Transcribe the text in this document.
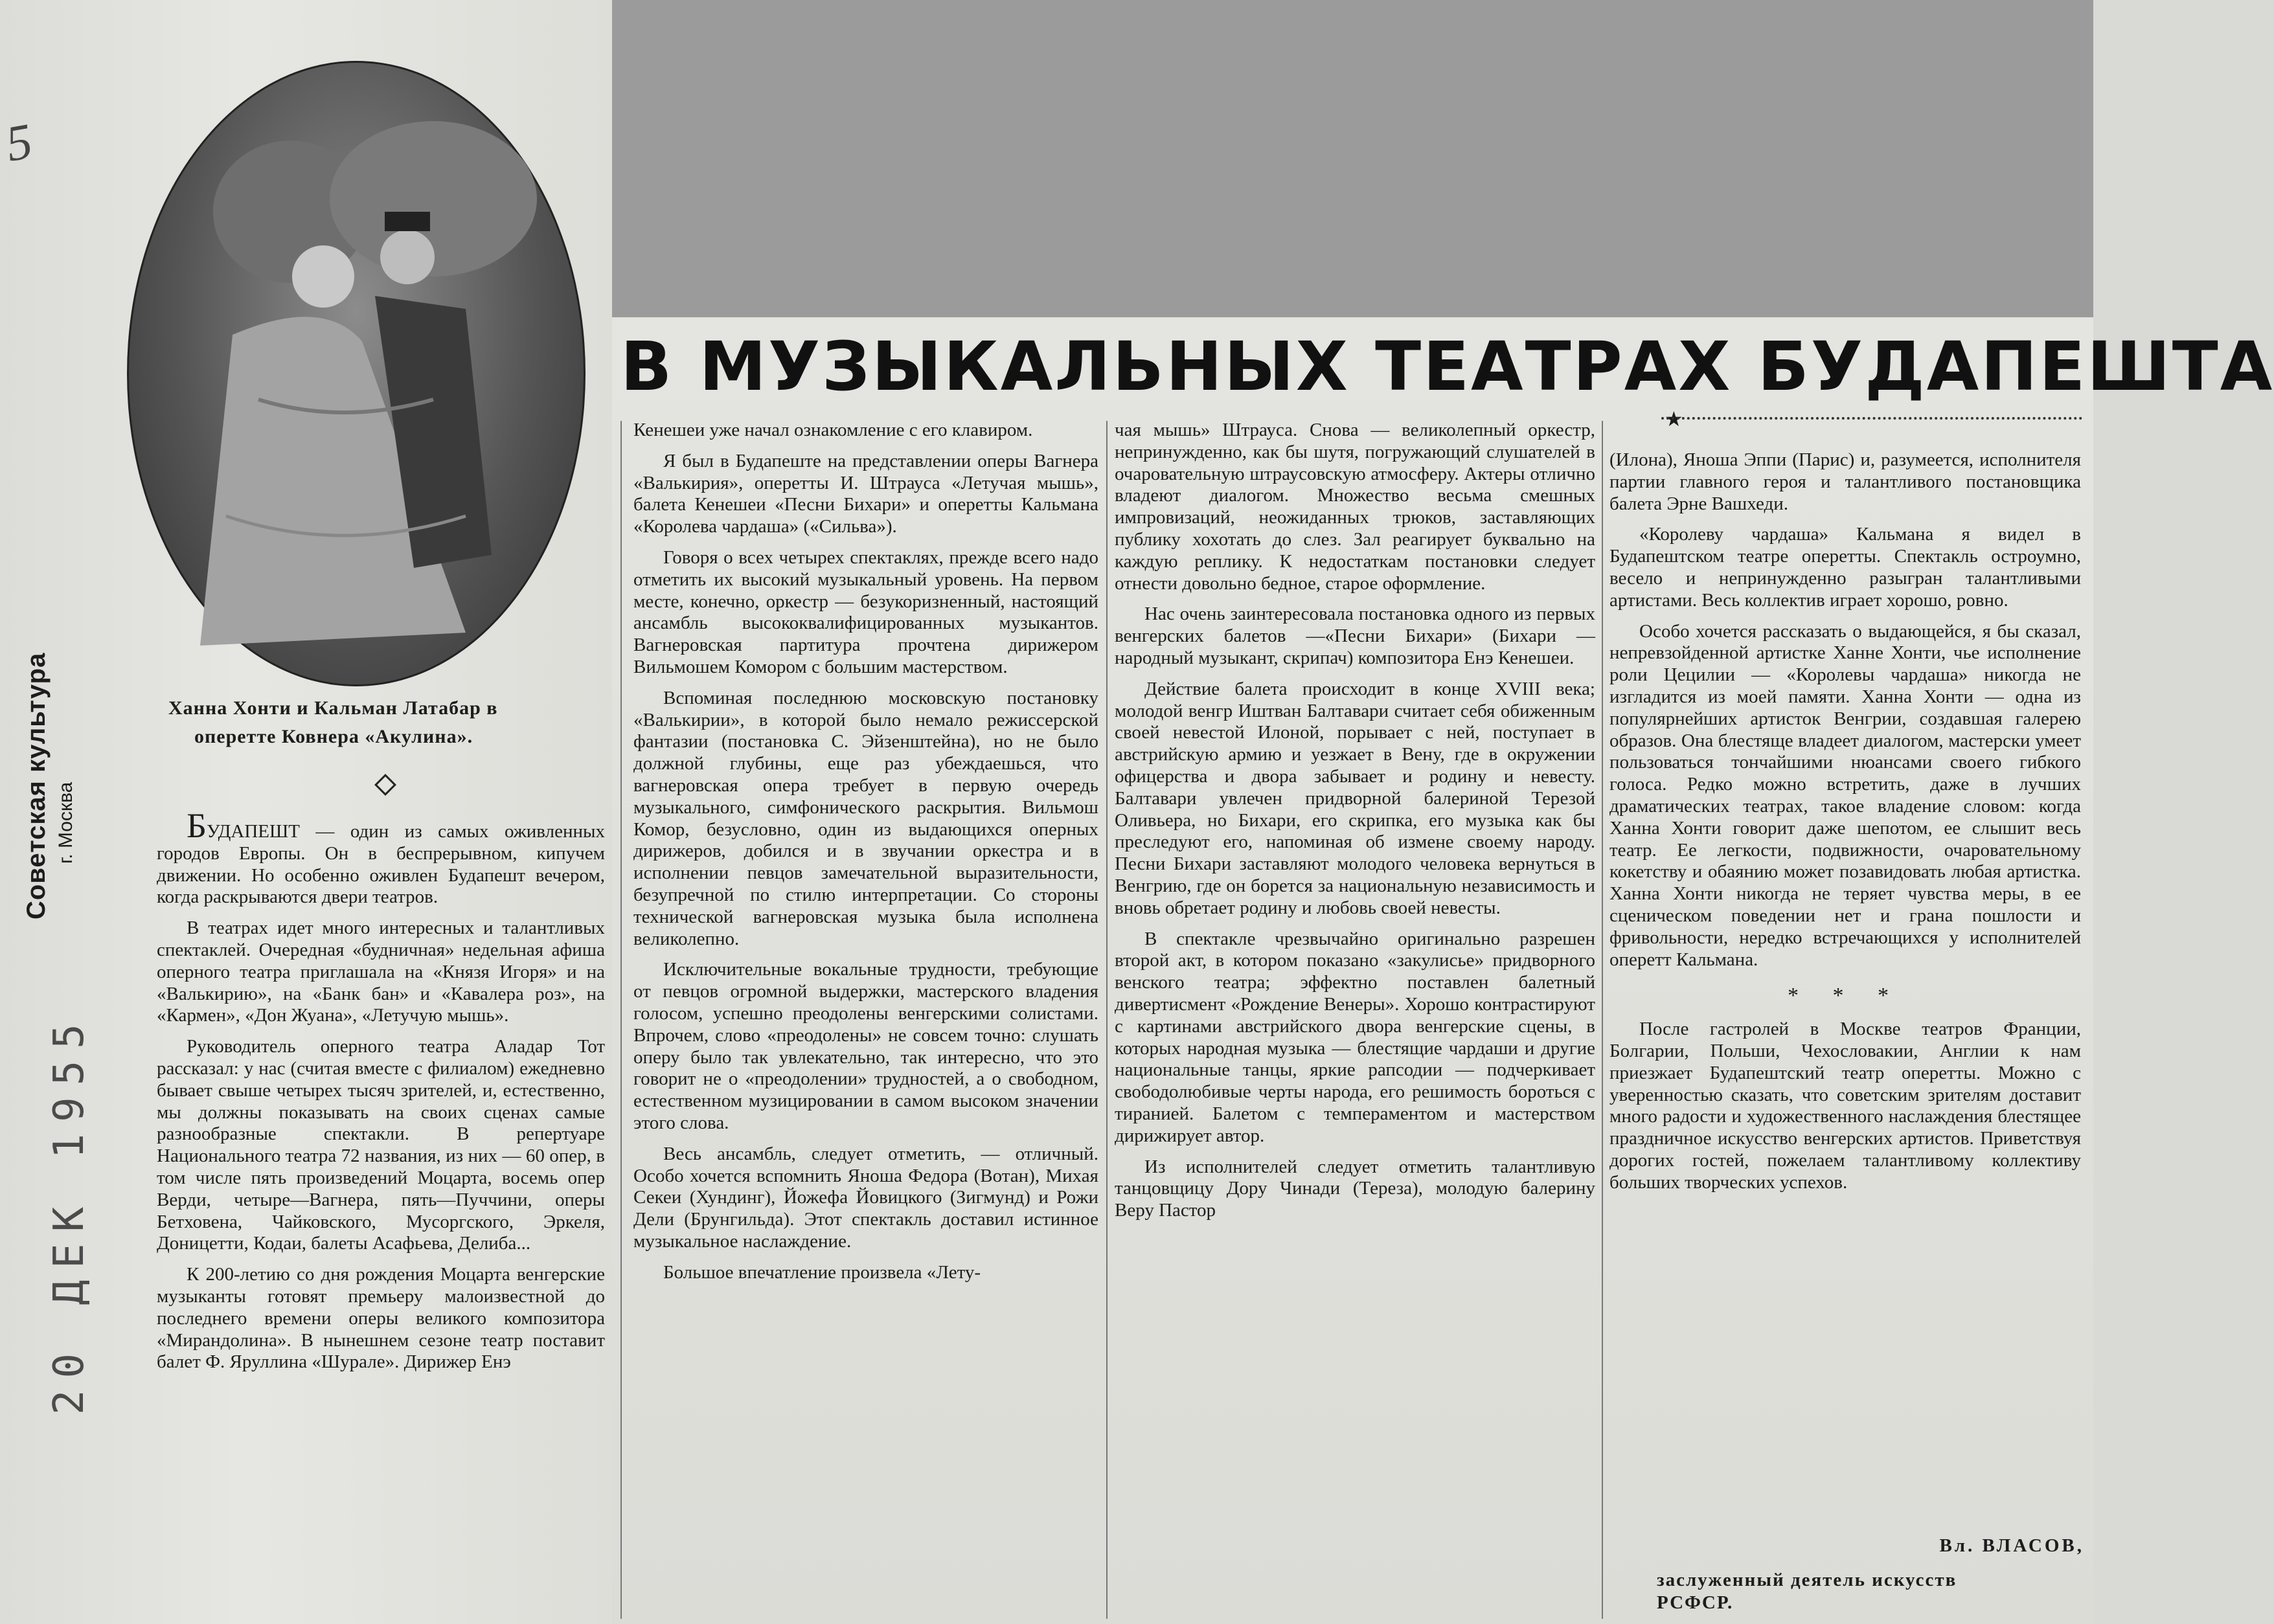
5
Ханна Хонти и Кальман Латабар в
оперетте Ковнера «Акулина».
Советская культура г. Москва
20 ДЕК 1955
В МУЗЫКАЛЬНЫХ ТЕАТРАХ БУДАПЕШТА
★

БУДАПЕШТ — один из самых оживленных городов Европы. Он в беспрерывном, кипучем движении. Но особенно оживлен Будапешт вечером, когда раскрываются двери театров.

В театрах идет много интересных и талантливых спектаклей. Очередная «будничная» недельная афиша оперного театра приглашала на «Князя Игоря» и на «Валькирию», на «Банк бан» и «Кавалера роз», на «Кармен», «Дон Жуана», «Летучую мышь».

Руководитель оперного театра Аладар Тот рассказал: у нас (считая вместе с филиалом) ежедневно бывает свыше четырех тысяч зрителей, и, естественно, мы должны показывать на своих сценах самые разнообразные спектакли. В репертуаре Национального театра 72 названия, из них — 60 опер, в том числе пять произведений Моцарта, восемь опер Верди, четыре—Вагнера, пять—Пуччини, оперы Бетховена, Чайковского, Мусоргского, Эркеля, Доницетти, Кодаи, балеты Асафьева, Делиба...

К 200-летию со дня рождения Моцарта венгерские музыканты готовят премьеру малоизвестной до последнего времени оперы великого композитора «Мирандолина». В нынешнем сезоне театр поставит балет Ф. Яруллина «Шурале». Дирижер Енэ

Кенешеи уже начал ознакомление с его клавиром.

Я был в Будапеште на представлении оперы Вагнера «Валькирия», оперетты И. Штрауса «Летучая мышь», балета Кенешеи «Песни Бихари» и оперетты Кальмана «Королева чардаша» («Сильва»).

Говоря о всех четырех спектаклях, прежде всего надо отметить их высокий музыкальный уровень. На первом месте, конечно, оркестр — безукоризненный, настоящий ансамбль высококвалифицированных музыкантов. Вагнеровская партитура прочтена дирижером Вильмошем Комором с большим мастерством.

Вспоминая последнюю московскую постановку «Валькирии», в которой было немало режиссерской фантазии (постановка С. Эйзенштейна), но не было должной глубины, еще раз убеждаешься, что вагнеровская опера требует в первую очередь музыкального, симфонического раскрытия. Вильмош Комор, безусловно, один из выдающихся оперных дирижеров, добился и в звучании оркестра и в исполнении певцов замечательной выразительности, безупречной по стилю интерпретации. Со стороны технической вагнеровская музыка была исполнена великолепно.

Исключительные вокальные трудности, требующие от певцов огромной выдержки, мастерского владения голосом, успешно преодолены венгерскими солистами. Впрочем, слово «преодолены» не совсем точно: слушать оперу было так увлекательно, так интересно, что это говорит не о «преодолении» трудностей, а о свободном, естественном музицировании в самом высоком значении этого слова.

Весь ансамбль, следует отметить, — отличный. Особо хочется вспомнить Яноша Федора (Вотан), Михая Секеи (Хундинг), Йожефа Йовицкого (Зигмунд) и Рожи Дели (Брунгильда). Этот спектакль доставил истинное музыкальное наслаждение.

Большое впечатление произвела «Лету-

чая мышь» Штрауса. Снова — великолепный оркестр, непринужденно, как бы шутя, погружающий слушателей в очаровательную штраусовскую атмосферу. Актеры отлично владеют диалогом. Множество весьма смешных импровизаций, неожиданных трюков, заставляющих публику хохотать до слез. Зал реагирует буквально на каждую реплику. К недостаткам постановки следует отнести довольно бедное, старое оформление.

Нас очень заинтересовала постановка одного из первых венгерских балетов —«Песни Бихари» (Бихари — народный музыкант, скрипач) композитора Енэ Кенешеи.

Действие балета происходит в конце XVIII века; молодой венгр Иштван Балтавари считает себя обиженным своей невестой Илоной, порывает с ней, поступает в австрийскую армию и уезжает в Вену, где в окружении офицерства и двора забывает и родину и невесту. Балтавари увлечен придворной балериной Терезой Оливьера, но Бихари, его скрипка, его музыка как бы преследуют его, напоминая об измене своему народу. Песни Бихари заставляют молодого человека вернуться в Венгрию, где он борется за национальную независимость и вновь обретает родину и любовь своей невесты.

В спектакле чрезвычайно оригинально разрешен второй акт, в котором показано «закулисье» придворного венского театра; эффектно поставлен балетный дивертисмент «Рождение Венеры». Хорошо контрастируют с картинами австрийского двора венгерские сцены, в которых народная музыка — блестящие чардаши и другие национальные танцы, яркие рапсодии — подчеркивает свободолюбивые черты народа, его решимость бороться с тиранией. Балетом с темпераментом и мастерством дирижирует автор.

Из исполнителей следует отметить талантливую танцовщицу Дору Чинади (Тереза), молодую балерину Веру Пастор

(Илона), Яноша Эппи (Парис) и, разумеется, исполнителя партии главного героя и талантливого постановщика балета Эрне Вашхеди.

«Королеву чардаша» Кальмана я видел в Будапештском театре оперетты. Спектакль остроумно, весело и непринужденно разыгран талантливыми артистами. Весь коллектив играет хорошо, ровно.

Особо хочется рассказать о выдающейся, я бы сказал, непревзойденной артистке Ханне Хонти, чье исполнение роли Цецилии — «Королевы чардаша» никогда не изгладится из моей памяти. Ханна Хонти — одна из популярнейших артисток Венгрии, создавшая галерею образов. Она блестяще владеет диалогом, мастерски умеет пользоваться тончайшими нюансами своего гибкого голоса. Редко можно встретить, даже в лучших драматических театрах, такое владение словом: когда Ханна Хонти говорит даже шепотом, ее слышит весь театр. Ее легкости, подвижности, очаровательному кокетству и обаянию может позавидовать любая артистка. Ханна Хонти никогда не теряет чувства меры, в ее сценическом поведении нет и грана пошлости и фривольности, нередко встречающихся у исполнителей оперетт Кальмана.

* * *

После гастролей в Москве театров Франции, Болгарии, Польши, Чехословакии, Англии к нам приезжает Будапештский театр оперетты. Можно с уверенностью сказать, что советским зрителям доставит много радости и художественного наслаждения блестящее праздничное искусство венгерских артистов. Приветствуя дорогих гостей, пожелаем талантливому коллективу больших творческих успехов.

Вл. ВЛАСОВ,
заслуженный деятель искусств
РСФСР.
